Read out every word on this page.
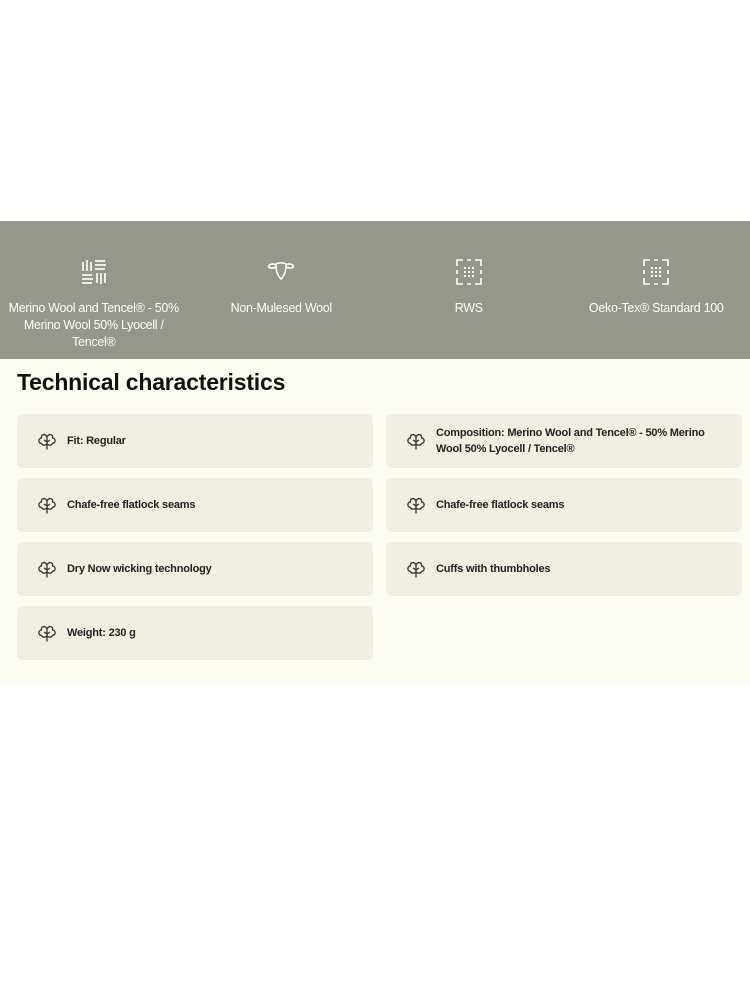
Merino Wool and Tencel® - 50% Merino Wool 50% Lyocell / Tencel®
Non-Mulesed Wool	RWS	Oeko-Tex® Standard 100
Technical characteristics
Fit: Regular
Composition: Merino Wool and Tencel® - 50% Merino Wool 50% Lyocell / Tencel®
Chafe-free flatlock seams	Chafe-free flatlock seams
Dry Now wicking technology	Cuffs with thumbholes
Weight: 230 g
